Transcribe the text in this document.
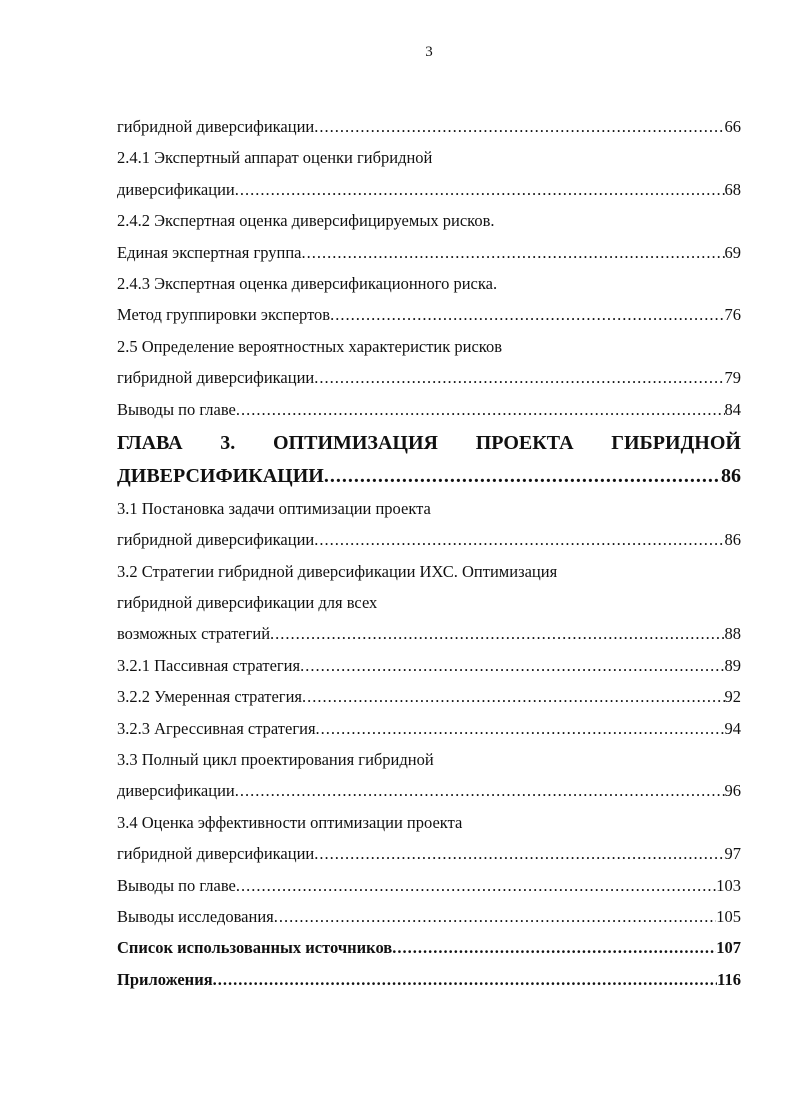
3
гибридной диверсификации .....	66
2.4.1 Экспертный аппарат оценки гибридной
диверсификации .....	68
2.4.2 Экспертная оценка диверсифицируемых рисков.
Единая экспертная группа .....	69
2.4.3 Экспертная оценка диверсификационного риска.
Метод группировки экспертов .....	76
2.5 Определение вероятностных характеристик рисков
гибридной диверсификации .....	79
Выводы по главе .....	84
ГЛАВА 3. ОПТИМИЗАЦИЯ ПРОЕКТА ГИБРИДНОЙ
ДИВЕРСИФИКАЦИИ .....	86
3.1 Постановка задачи оптимизации проекта
гибридной диверсификации .....	86
3.2 Стратегии гибридной диверсификации ИХС. Оптимизация
гибридной диверсификации для всех
возможных стратегий .....	88
3.2.1 Пассивная стратегия .....	89
3.2.2 Умеренная стратегия .....	92
3.2.3 Агрессивная стратегия .....	94
3.3 Полный цикл проектирования гибридной
диверсификации .....	96
3.4 Оценка эффективности оптимизации проекта
гибридной диверсификации .....	97
Выводы по главе .....	103
Выводы исследования .....	105
Список использованных источников .....	107
Приложения .....	116
